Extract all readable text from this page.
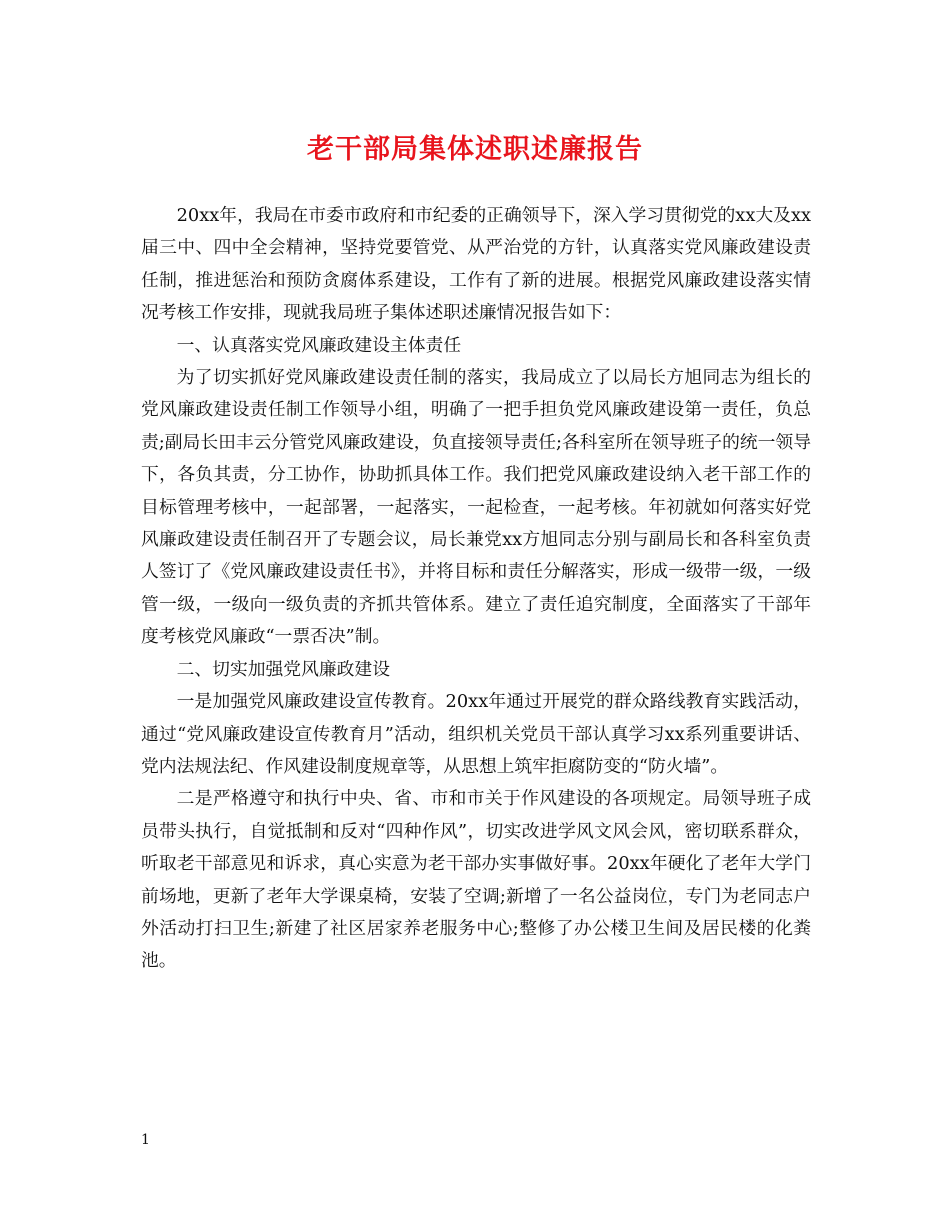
老干部局集体述职述廉报告

20xx年，我局在市委市政府和市纪委的正确领导下，深入学习贯彻党的xx大及xx届三中、四中全会精神，坚持党要管党、从严治党的方针，认真落实党风廉政建设责任制，推进惩治和预防贪腐体系建设，工作有了新的进展。根据党风廉政建设落实情况考核工作安排，现就我局班子集体述职述廉情况报告如下：

一、认真落实党风廉政建设主体责任

为了切实抓好党风廉政建设责任制的落实，我局成立了以局长方旭同志为组长的党风廉政建设责任制工作领导小组，明确了一把手担负党风廉政建设第一责任，负总责;副局长田丰云分管党风廉政建设，负直接领导责任;各科室所在领导班子的统一领导下，各负其责，分工协作，协助抓具体工作。我们把党风廉政建设纳入老干部工作的目标管理考核中，一起部署，一起落实，一起检查，一起考核。年初就如何落实好党风廉政建设责任制召开了专题会议，局长兼党xx方旭同志分别与副局长和各科室负责人签订了《党风廉政建设责任书》，并将目标和责任分解落实，形成一级带一级，一级管一级，一级向一级负责的齐抓共管体系。建立了责任追究制度，全面落实了干部年度考核党风廉政“一票否决”制。

二、切实加强党风廉政建设

一是加强党风廉政建设宣传教育。20xx年通过开展党的群众路线教育实践活动，通过“党风廉政建设宣传教育月”活动，组织机关党员干部认真学习xx系列重要讲话、党内法规法纪、作风建设制度规章等，从思想上筑牢拒腐防变的“防火墙”。

二是严格遵守和执行中央、省、市和市关于作风建设的各项规定。局领导班子成员带头执行，自觉抵制和反对“四种作风”，切实改进学风文风会风，密切联系群众，听取老干部意见和诉求，真心实意为老干部办实事做好事。20xx年硬化了老年大学门前场地，更新了老年大学课桌椅，安装了空调;新增了一名公益岗位，专门为老同志户外活动打扫卫生;新建了社区居家养老服务中心;整修了办公楼卫生间及居民楼的化粪池。

1
